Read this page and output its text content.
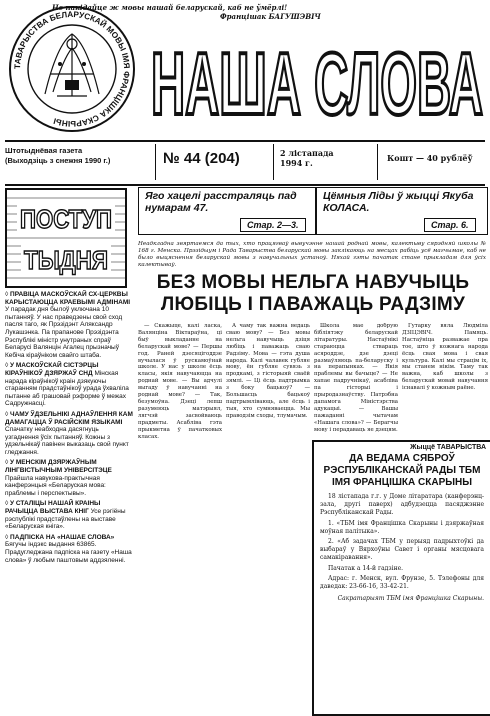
Не пакідайце ж мовы нашай беларускай, каб не ўмёрлі!
Францішак БАГУШЭВІЧ
ТАВАРЫСТВА БЕЛАРУСКАЙ МОВЫ ІМЯ ФРАНЦІШКА СКАРЫНЫ	НАША СЛОВА
Штотыднёвая газета
(Выходзіць з снежня 1990 г.)	№ 44 (204)	2 лістапада
1994 г.	Кошт — 40 рублёў
ПОСТУП
ТЫДНЯ
◊ ПРАВІЦА МАСКОЎСКАЙ СХ-ЦЕРКВЫ КАРЫСТАЮЦЦА КРАЕВЫМІ АДМІНАМІ У парадак дня былоў уключана 10 пытанняў. У нас праведзены свой сход пасля таго, як Прэзідэнт Аляксандр Лукашэнка. Па прапанове Прэзідэнта Рэспублікі міністр унутраных спраў Беларусі Валянцін Агалец прызначыў Кебіча кіраўніком свайго штаба.
◊ У МАСКОЎСКАЙ СІСТЭРЦЫ КІРАЎНІКОЎ ДЗЯРЖАЎ СНД Мінская нарада кіраўнікоў краін дзякуючы старанням прадстаўнікоў урада ўхваліла пытанне аб грашовай рэформе ў межах Садружнасці.
◊ ЧАМУ ЎДЗЕЛЬНІКІ АДНАЎЛЕННЯ КАМ ДАМАГАЦЦА Ў РАСІЙСКІМ ЯЗЫКАМІ Спачатку неабходна дасягнуць узгаднення ўсіх пытанняў. Кожны з удзельнікаў павінен выказаць свой пункт гледжання.
◊ У МЕНСКІМ ДЗЯРЖАЎНЫМ ЛІНГВІСТЫЧНЫМ УНІВЕРСІТЭЦЕ Прайшла навукова-практычная канферэнцыя «Беларуская мова: праблемы і перспектывы».
◊ У СТАЛІЦЫ НАШАЙ КРАІНЫ РАЧЫЦЦА ВЫСТАВА КНІГ Усе рэгіёны рэспублікі прадстаўлены на выставе «Беларуская кніга».
◊ ПАДПІСКА НА «НАШАЕ СЛОВА» Бягучы індэкс выдання 63865. Прадугледжана падпіска на газету «Наша слова» ў любым паштовым аддзяленні.
Яго хацелі расстраляць пад нумарам 47.
Стар. 2—3.
Цёмныя Ліды ў жыцці Якуба КОЛАСА.
Стар. 6.
Неадкладна звяртаемся да тых, хто працягваў вывучэнне нашай роднай мовы, калектыву сярэдняй школы № 168 г. Менска. Прэзідыум і Рада Таварыства беларускай мовы заклікаюць на месцах рабіць усё магчымае, каб не было выцяснення беларускай мовы з навучальных устаноў. Няхай гэты пачатак стане прыкладам для ўсіх калектываў.
БЕЗ МОВЫ НЕЛЬГА НАВУЧЫЦЬ
ЛЮБІЦЬ І ПАВАЖАЦЬ РАДЗІМУ

— Скажыце, калі ласка, Валянціна Віктараўна, ці быў выкладанне на беларускай мове? — Першы год. Раней дзесяцігоддзе вучылася ў рускамоўнай школе. У нас у школе ёсць класы, якія навучаюцца на роднай мове. — Вы адчулі выгаду ў навучанні на роднай мове? — Так, безумоўна. Дзеці лепш разумеюць матэрыял, лягчэй засвойваюць прадметы. Асабліва гэта прыкметна ў пачатковых класах.

А чаму так важна ведаць сваю мову? — Без мовы нельга навучыць дзіця любіць і паважаць сваю Радзіму. Мова — гэта душа народа. Калі чалавек губляе мову, ён губляе сувязь з продкамі, з гісторыяй сваёй зямлі. — Ці ёсць падтрымка з боку бацькоў? — Большасць бацькоў падтрымліваюць, але ёсць і тыя, хто сумняваецца. Мы праводзім сходы, тлумачым.

Школа мае добрую бібліятэку беларускай літаратуры. Настаўнікі стараюцца ствараць асяроддзе, дзе дзеці размаўляюць па-беларуску і на перапынках. — Якія праблемы вы бачыце? — Не хапае падручнікаў, асабліва па гісторыі і прыродазнаўству. Патрэбна дапамога Міністэрства адукацыі. — Вашы пажаданні чытачам «Нашага слова»? — Берагчы мову і перадаваць яе дзецям.

Гутарку вяла Людміла ДЗІЦЭВІЧ. Памяць. Настаўніца разважае пра тое, што ў кожнага народа ёсць свая мова і свая культура. Калі мы страцім іх, мы станем нікім. Таму так важна, каб школы з беларускай мовай навучання існавалі ў кожным раёне.

Жыццё ТАВАРЫСТВА
ДА ВЕДАМА СЯБРОЎ РЭСПУБЛІКАНСКАЙ РАДЫ ТБМ ІМЯ ФРАНЦІШКА СКАРЫНЫ

18 лістапада г.г. у Доме літаратара (канферэнц-зала, другі паверх) адбудзецца пасяджэнне Рэспубліканскай Рады.

1. «ТБМ імя Францішка Скарыны і дзяржаўная моўная палітыка».

2. «Аб задачах ТБМ у перыяд падрыхтоўкі да выбараў у Вярхоўны Савет і органы мясцовага самакіравання».

Пачатак а 14-й гадзіне.

Адрас: г. Менск, вул. Фрунзе, 5. Тэлефоны для даведак: 23-66-16, 33-42-21.

Сакратарыят ТБМ імя Францішка Скарыны.
